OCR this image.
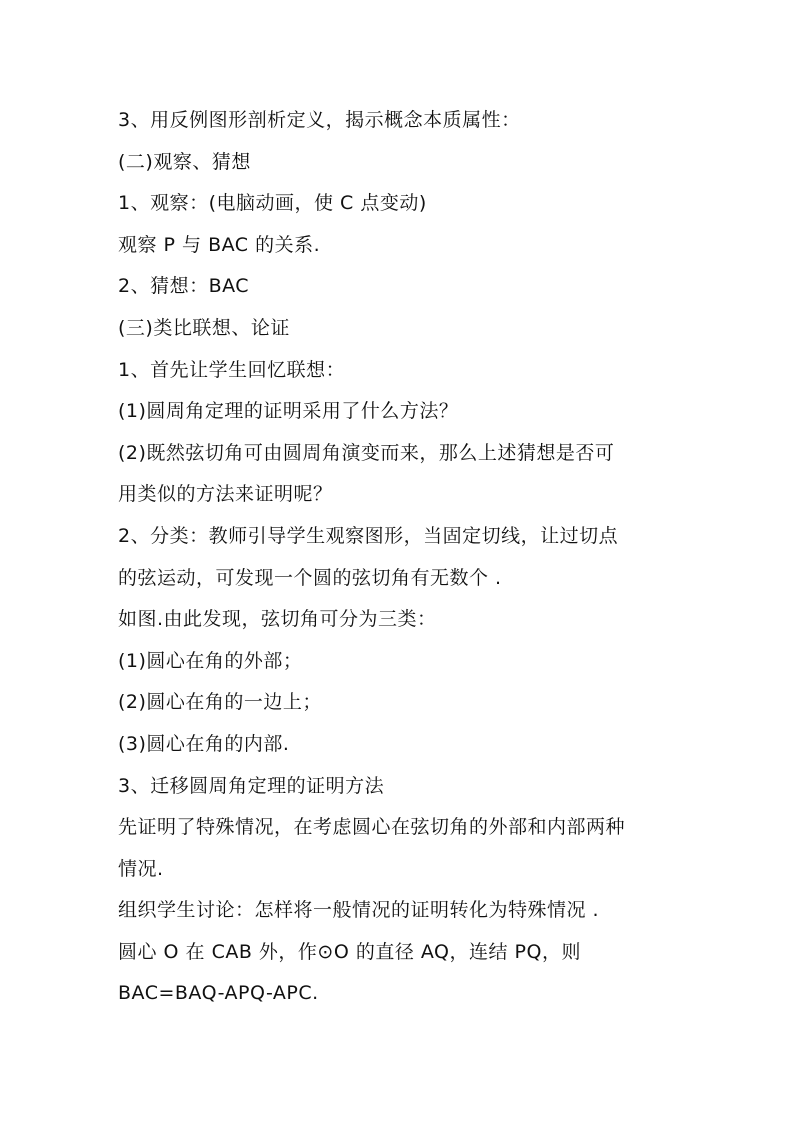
3、用反例图形剖析定义，揭示概念本质属性：
(二)观察、猜想
1、观察：(电脑动画，使 C 点变动)
观察 P 与 BAC 的关系.
2、猜想：BAC
(三)类比联想、论证
1、首先让学生回忆联想：
(1)圆周角定理的证明采用了什么方法？
(2)既然弦切角可由圆周角演变而来，那么上述猜想是否可
用类似的方法来证明呢？
2、分类：教师引导学生观察图形，当固定切线，让过切点
的弦运动，可发现一个圆的弦切角有无数个 .
如图.由此发现，弦切角可分为三类：
(1)圆心在角的外部；
(2)圆心在角的一边上；
(3)圆心在角的内部.
3、迁移圆周角定理的证明方法
先证明了特殊情况，在考虑圆心在弦切角的外部和内部两种
情况.
组织学生讨论：怎样将一般情况的证明转化为特殊情况 .
圆心 O 在 CAB 外，作⊙O 的直径 AQ，连结 PQ，则
BAC=BAQ-APQ-APC.
